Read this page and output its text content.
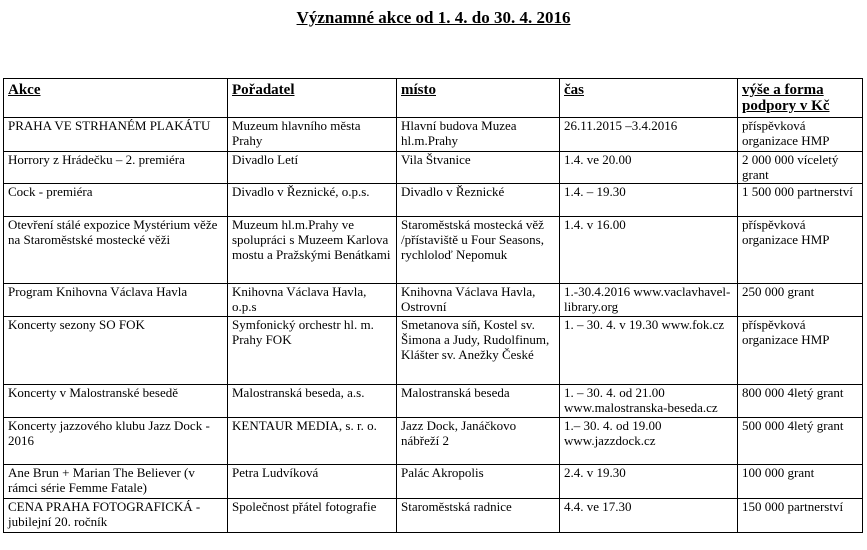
Významné akce od 1. 4. do 30. 4. 2016
Akce	Pořadatel	místo	čas	výše a forma podpory v Kč
PRAHA VE STRHANÉM PLAKÁTU	Muzeum hlavního města Prahy	Hlavní budova Muzea hl.m.Prahy	26.11.2015 –3.4.2016	příspěvková organizace HMP
Horrory z Hrádečku – 2. premiéra	Divadlo Letí	Vila Štvanice	1.4. ve 20.00	2 000 000 víceletý grant
Cock - premiéra	Divadlo v Řeznické, o.p.s.	Divadlo v Řeznické	1.4. – 19.30	1 500 000 partnerství
Otevření stálé expozice Mystérium věže na Staroměstské mostecké věži	Muzeum hl.m.Prahy ve spolupráci s Muzeem Karlova mostu a Pražskými Benátkami	Staroměstská mostecká věž /přístaviště u Four Seasons, rychloloď Nepomuk	1.4. v 16.00	příspěvková organizace HMP
Program Knihovna Václava Havla	Knihovna Václava Havla, o.p.s	Knihovna Václava Havla, Ostrovní	1.-30.4.2016 www.vaclavhavel-library.org	250 000 grant
Koncerty sezony SO FOK	Symfonický orchestr hl. m. Prahy FOK	Smetanova síň, Kostel sv. Šimona a Judy, Rudolfinum, Klášter sv. Anežky České	1. – 30. 4. v 19.30 www.fok.cz	příspěvková organizace HMP
Koncerty v Malostranské besedě	Malostranská beseda, a.s.	Malostranská beseda	1. – 30. 4. od 21.00 www.malostranska-beseda.cz	800 000 4letý grant
Koncerty jazzového klubu Jazz Dock - 2016	KENTAUR MEDIA, s. r. o.	Jazz Dock, Janáčkovo nábřeží 2	1.– 30. 4. od 19.00 www.jazzdock.cz	500 000 4letý grant
Ane Brun + Marian The Believer (v rámci série Femme Fatale)	Petra Ludvíková	Palác Akropolis	2.4. v 19.30	100 000 grant
CENA PRAHA FOTOGRAFICKÁ - jubilejní 20. ročník	Společnost přátel fotografie	Staroměstská radnice	4.4. ve 17.30	150 000 partnerství
